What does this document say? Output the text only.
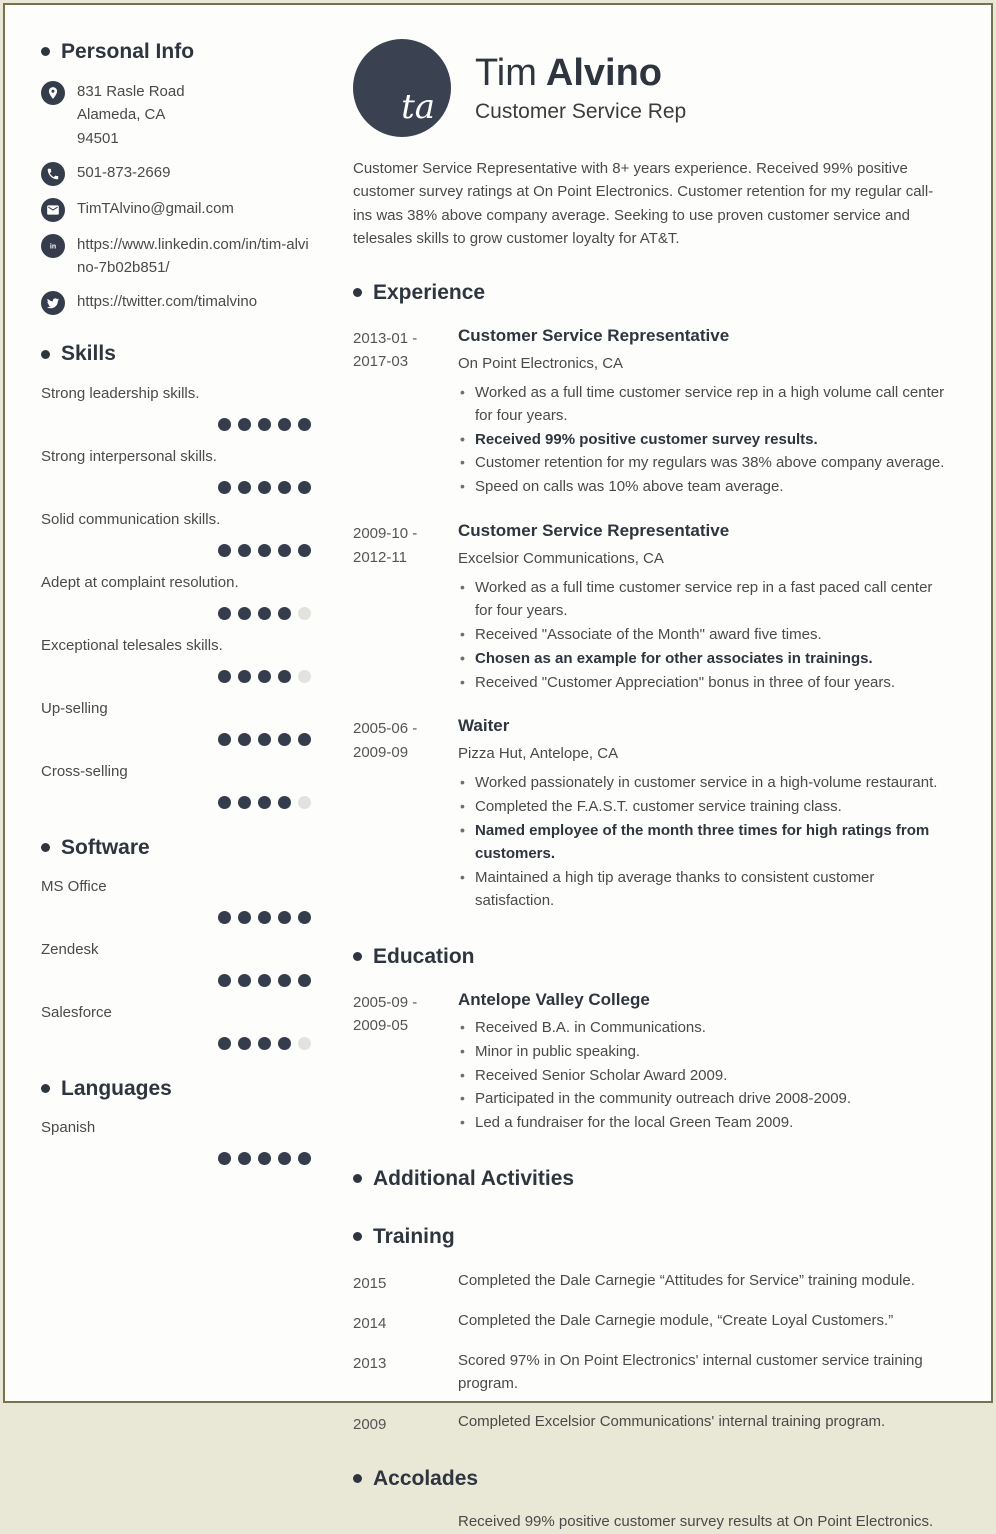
Personal Info
831 Rasle Road
Alameda, CA
94501
501-873-2669
TimTAlvino@gmail.com
in https://www.linkedin.com/in/tim-alvino-7b02b851/
https://twitter.com/timalvino
Skills
Strong leadership skills.
Strong interpersonal skills.
Solid communication skills.
Adept at complaint resolution.
Exceptional telesales skills.
Up-selling
Cross-selling
Software
MS Office
Zendesk
Salesforce
Languages
Spanish
ta
Tim Alvino
Customer Service Rep

Customer Service Representative with 8+ years experience. Received 99% positive customer survey ratings at On Point Electronics. Customer retention for my regular call-ins was 38% above company average. Seeking to use proven customer service and telesales skills to grow customer loyalty for AT&T.

Experience
2013-01 -
2017-03
Customer Service Representative
On Point Electronics, CA
• Worked as a full time customer service rep in a high volume call center for four years.
• Received 99% positive customer survey results.
• Customer retention for my regulars was 38% above company average.
• Speed on calls was 10% above team average.
2009-10 -
2012-11
Customer Service Representative
Excelsior Communications, CA
• Worked as a full time customer service rep in a fast paced call center for four years.
• Received "Associate of the Month" award five times.
• Chosen as an example for other associates in trainings.
• Received "Customer Appreciation" bonus in three of four years.
2005-06 -
2009-09
Waiter
Pizza Hut, Antelope, CA
• Worked passionately in customer service in a high-volume restaurant.
• Completed the F.A.S.T. customer service training class.
• Named employee of the month three times for high ratings from customers.
• Maintained a high tip average thanks to consistent customer satisfaction.
Education
2005-09 -
2009-05
Antelope Valley College
• Received B.A. in Communications.
• Minor in public speaking.
• Received Senior Scholar Award 2009.
• Participated in the community outreach drive 2008-2009.
• Led a fundraiser for the local Green Team 2009.
Additional Activities
Training
2015	Completed the Dale Carnegie “Attitudes for Service” training module.
2014	Completed the Dale Carnegie module, “Create Loyal Customers.”
2013	Scored 97% in On Point Electronics' internal customer service training program.
2009	Completed Excelsior Communications' internal training program.
Accolades

Received 99% positive customer survey results at On Point Electronics.
